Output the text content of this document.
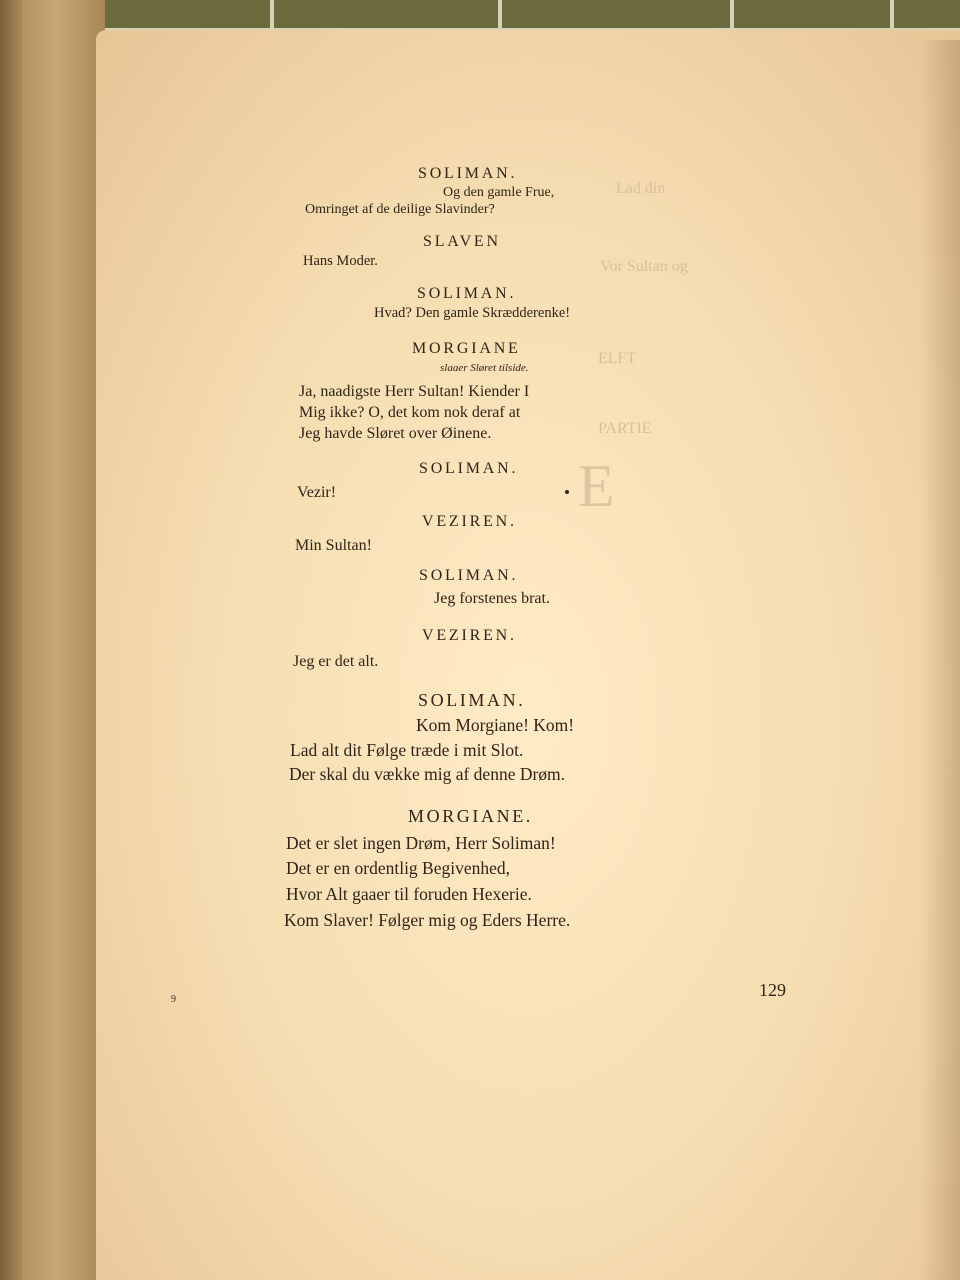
Lad din
Vor Sultan og
ELFT
PARTIE
E
SOLIMAN.
Og den gamle Frue,
Omringet af de deilige Slavinder?
SLAVEN
Hans Moder.
SOLIMAN.
Hvad? Den gamle Skrædderenke!
MORGIANE
slaaer Sløret tilside.
Ja, naadigste Herr Sultan! Kiender I
Mig ikke? O, det kom nok deraf at
Jeg havde Sløret over Øinene.
SOLIMAN.
Vezir!
VEZIREN.
Min Sultan!
SOLIMAN.
Jeg forstenes brat.
VEZIREN.
Jeg er det alt.
SOLIMAN.
Kom Morgiane! Kom!
Lad alt dit Følge træde i mit Slot.
Der skal du vække mig af denne Drøm.
MORGIANE.
Det er slet ingen Drøm, Herr Soliman!
Det er en ordentlig Begivenhed,
Hvor Alt gaaer til foruden Hexerie.
Kom Slaver! Følger mig og Eders Herre.
129
9
